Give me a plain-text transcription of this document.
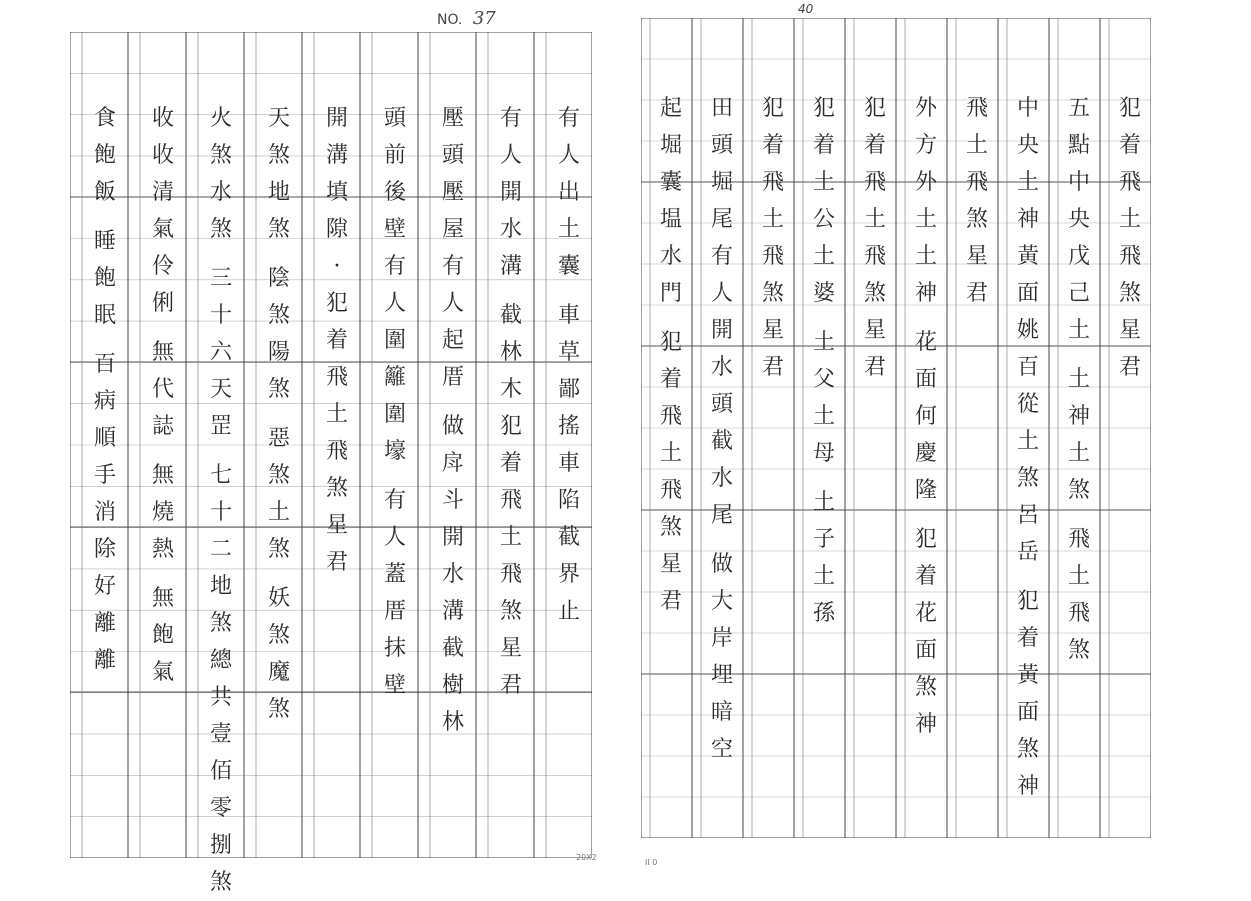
NO. 37	40
有
人
出
土
囊
車
草
鄙
搖
車
陷
截
界
止
有
人
開
水
溝
截
林
木
犯
着
飛
土
飛
煞
星
君
壓
頭
壓
屋
有
人
起
厝
做
戽
斗
開
水
溝
截
樹
林
頭
前
後
壁
有
人
圍
籬
圍
壕
有
人
蓋
厝
抹
壁
開
溝
填
隙
·
犯
着
飛
土
飛
煞
星
君
天
煞
地
煞
陰
煞
陽
煞
惡
煞
土
煞
妖
煞
魔
煞
火
煞
水
煞
三
十
六
天
罡
七
十
二
地
煞
總
共
壹
佰
零
捌
煞
收
收
清
氣
伶
俐
無
代
誌
無
燒
熱
無
飽
氣
食
飽
飯
睡
飽
眠
百
病
順
手
消
除
好
離
離
犯
着
飛
土
飛
煞
星
君
五
點
中
央
戊
己
土
土
神
土
煞
飛
土
飛
煞
中
央
土
神
黃
面
姚
百
從
土
煞
呂
岳
犯
着
黃
面
煞
神
飛
土
飛
煞
星
君
外
方
外
土
土
神
花
面
何
慶
隆
犯
着
花
面
煞
神
犯
着
飛
土
飛
煞
星
君
犯
着
土
公
土
婆
土
父
土
母
土
子
土
孫
犯
着
飛
土
飛
煞
星
君
田
頭
堀
尾
有
人
開
水
頭
截
水
尾
做
大
岸
埋
暗
空
起
堀
囊
塭
水
門
犯
着
飛
土
飛
煞
星
君
20X2
II 0
